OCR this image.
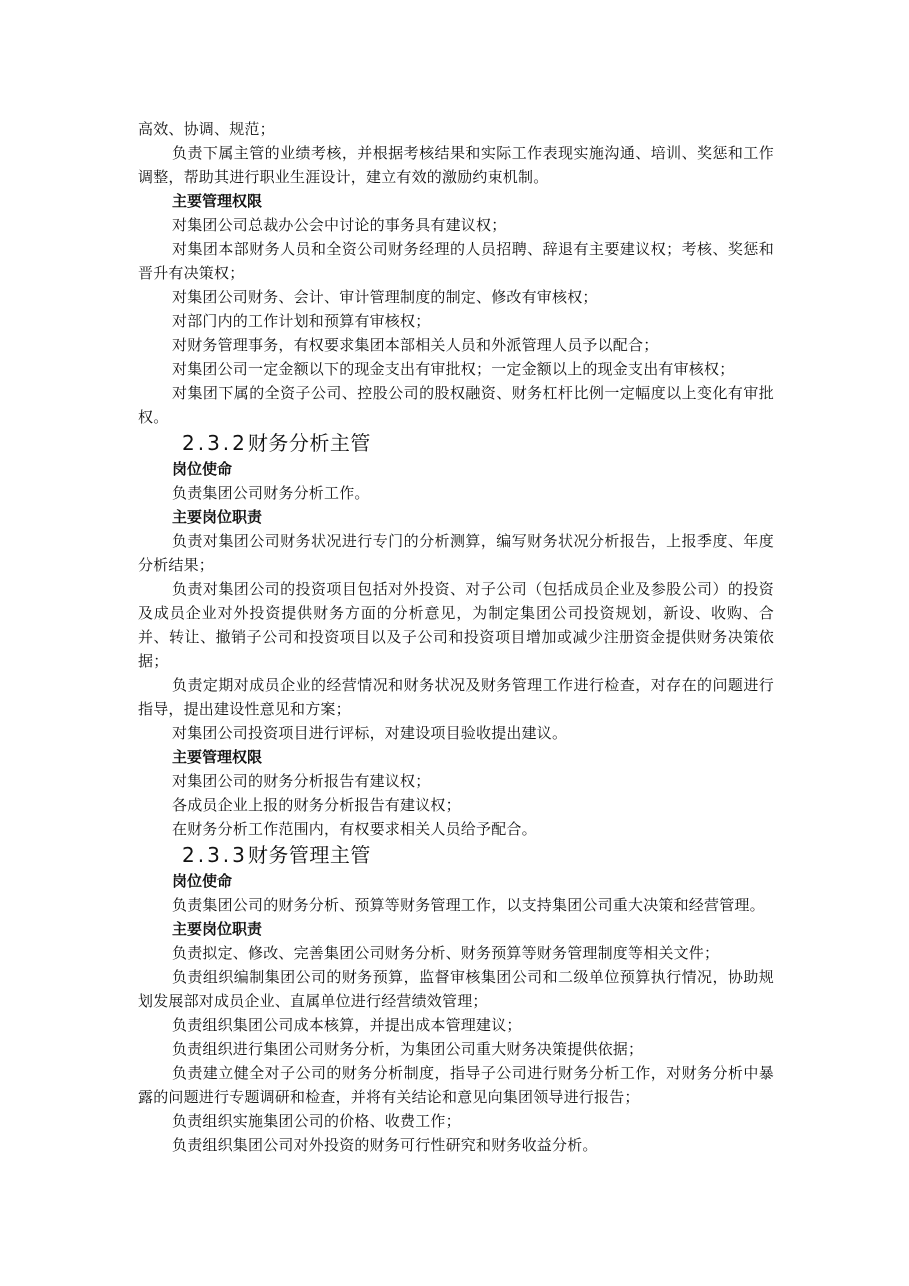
高效、协调、规范；

负责下属主管的业绩考核，并根据考核结果和实际工作表现实施沟通、培训、奖惩和工作调整，帮助其进行职业生涯设计，建立有效的激励约束机制。

主要管理权限

对集团公司总裁办公会中讨论的事务具有建议权；

对集团本部财务人员和全资公司财务经理的人员招聘、辞退有主要建议权；考核、奖惩和晋升有决策权；

对集团公司财务、会计、审计管理制度的制定、修改有审核权；

对部门内的工作计划和预算有审核权；

对财务管理事务，有权要求集团本部相关人员和外派管理人员予以配合；

对集团公司一定金额以下的现金支出有审批权；一定金额以上的现金支出有审核权；

对集团下属的全资子公司、控股公司的股权融资、财务杠杆比例一定幅度以上变化有审批权。

2.3.2财务分析主管

岗位使命

负责集团公司财务分析工作。

主要岗位职责

负责对集团公司财务状况进行专门的分析测算，编写财务状况分析报告，上报季度、年度分析结果；

负责对集团公司的投资项目包括对外投资、对子公司（包括成员企业及参股公司）的投资及成员企业对外投资提供财务方面的分析意见，为制定集团公司投资规划，新设、收购、合并、转让、撤销子公司和投资项目以及子公司和投资项目增加或减少注册资金提供财务决策依据；

负责定期对成员企业的经营情况和财务状况及财务管理工作进行检查，对存在的问题进行指导，提出建设性意见和方案；

对集团公司投资项目进行评标，对建设项目验收提出建议。

主要管理权限

对集团公司的财务分析报告有建议权；

各成员企业上报的财务分析报告有建议权；

在财务分析工作范围内，有权要求相关人员给予配合。

2.3.3财务管理主管

岗位使命

负责集团公司的财务分析、预算等财务管理工作，以支持集团公司重大决策和经营管理。

主要岗位职责

负责拟定、修改、完善集团公司财务分析、财务预算等财务管理制度等相关文件；

负责组织编制集团公司的财务预算，监督审核集团公司和二级单位预算执行情况，协助规划发展部对成员企业、直属单位进行经营绩效管理；

负责组织集团公司成本核算，并提出成本管理建议；

负责组织进行集团公司财务分析，为集团公司重大财务决策提供依据；

负责建立健全对子公司的财务分析制度，指导子公司进行财务分析工作，对财务分析中暴露的问题进行专题调研和检查，并将有关结论和意见向集团领导进行报告；

负责组织实施集团公司的价格、收费工作；

负责组织集团公司对外投资的财务可行性研究和财务收益分析。
